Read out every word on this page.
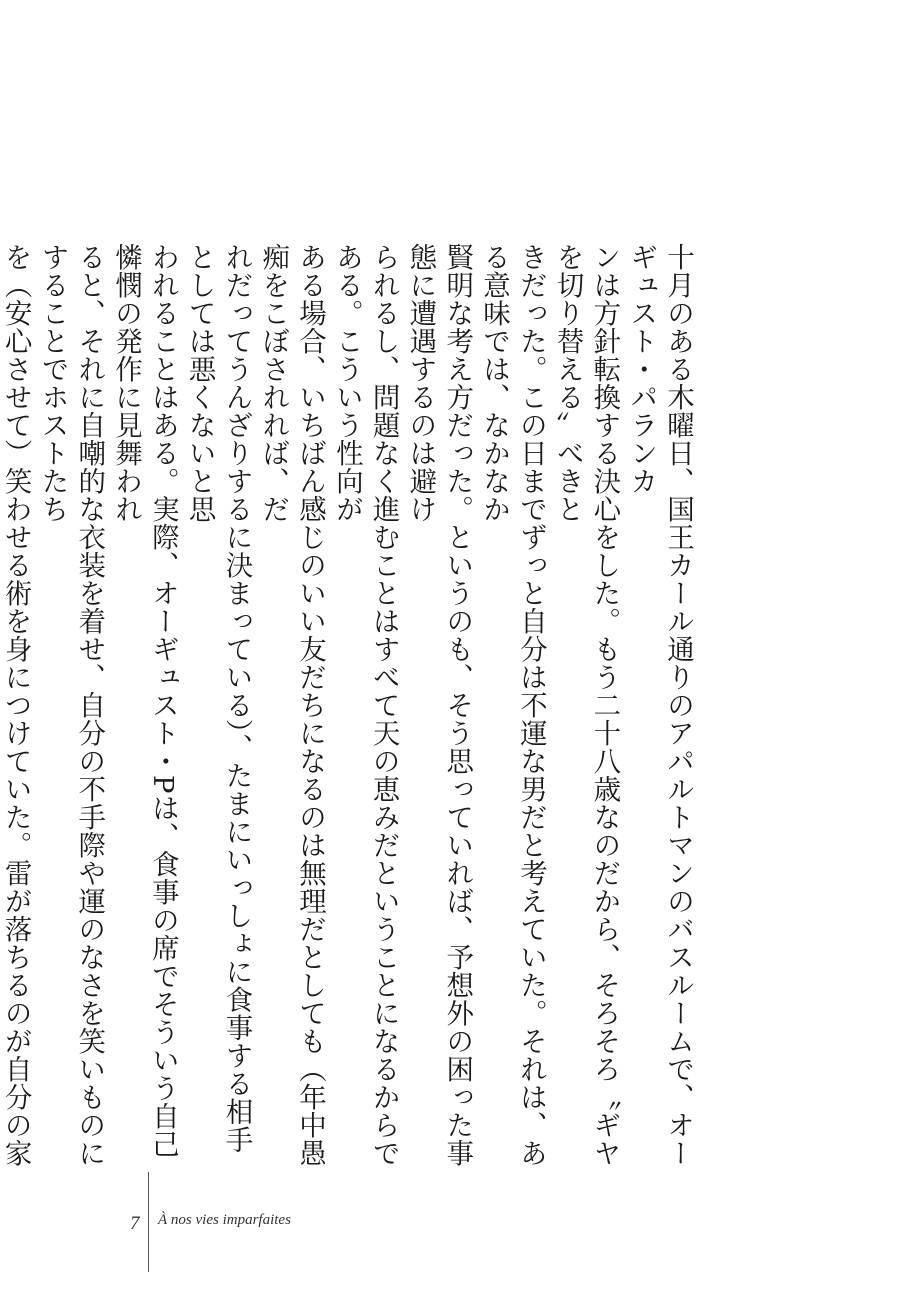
十月のある木曜日、国王カール通りのアパルトマンのバスルームで、オーギュスト・パランカ
ンは方針転換する決心をした。もう二十八歳なのだから、そろそろ〝ギヤを切り替える〟べきと
きだった。この日までずっと自分は不運な男だと考えていた。それは、ある意味では、なかなか
賢明な考え方だった。というのも、そう思っていれば、予想外の困った事態に遭遇するのは避け
られるし、問題なく進むことはすべて天の恵みだということになるからである。こういう性向が
ある場合、いちばん感じのいい友だちになるのは無理だとしても（年中愚痴をこぼされれば、だ
れだってうんざりするに決まっている）、たまにいっしょに食事する相手としては悪くないと思
われることはある。実際、オーギュスト・Pは、食事の席でそういう自己憐憫の発作に見舞われ
ると、それに自嘲的な衣装を着せ、自分の不手際や運のなさを笑いものにすることでホストたち
を（安心させて）笑わせる術を身につけていた。雷が落ちるのが自分の家
7 À nos vies imparfaites
